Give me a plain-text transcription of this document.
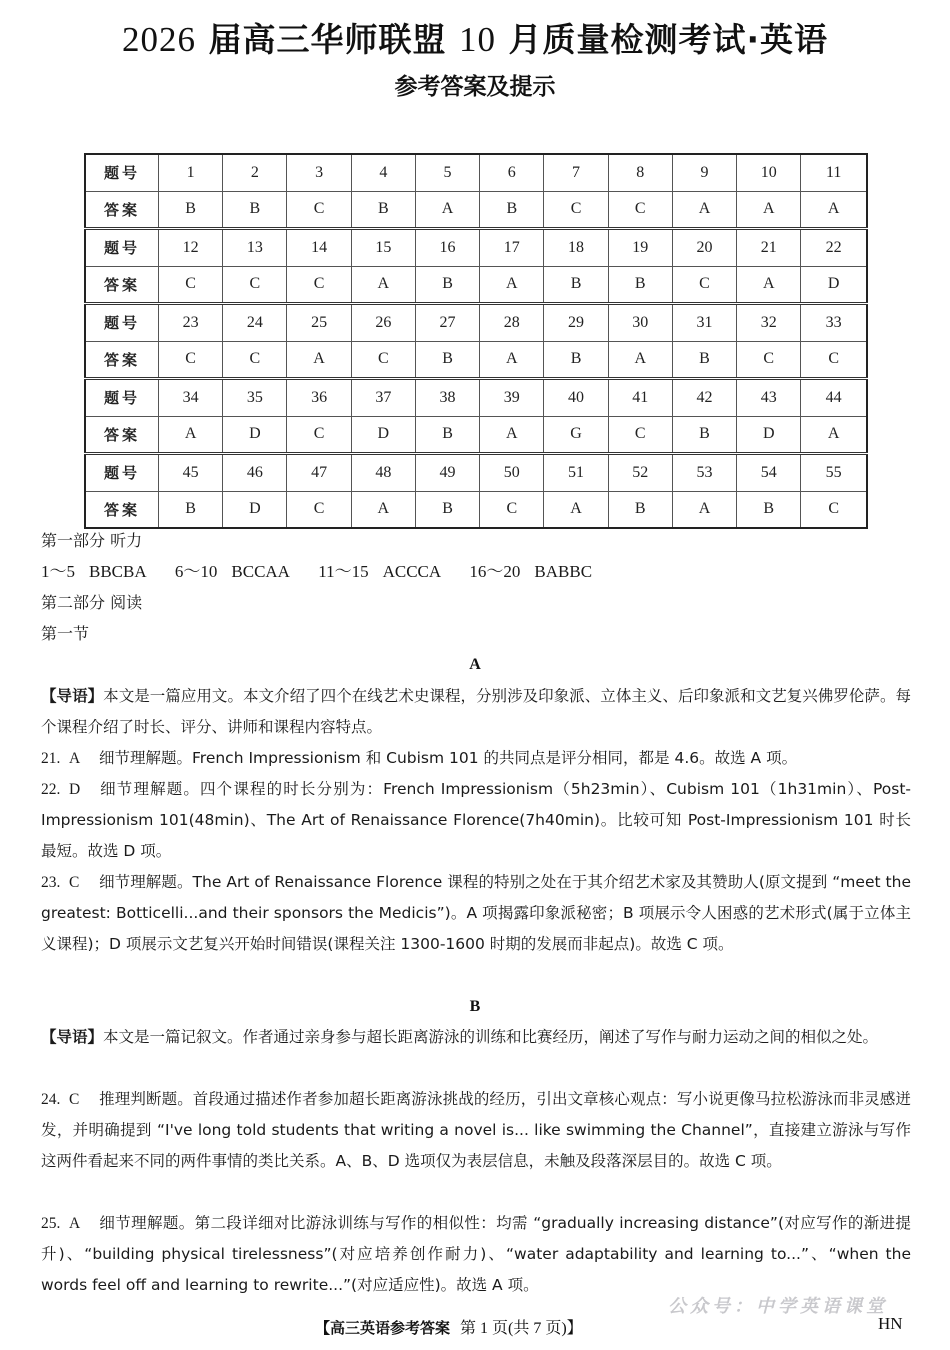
2026 届高三华师联盟 10 月质量检测考试·英语
参考答案及提示
题号	1	2	3	4	5	6	7	8	9	10	11
答案	B	B	C	B	A	B	C	C	A	A	A
题号	12	13	14	15	16	17	18	19	20	21	22
答案	C	C	C	A	B	A	B	B	C	A	D
题号	23	24	25	26	27	28	29	30	31	32	33
答案	C	C	A	C	B	A	B	A	B	C	C
题号	34	35	36	37	38	39	40	41	42	43	44
答案	A	D	C	D	B	A	G	C	B	D	A
题号	45	46	47	48	49	50	51	52	53	54	55
答案	B	D	C	A	B	C	A	B	A	B	C
第一部分 听力
1～5 BBCBA 6～10 BCCAA 11～15 ACCCA 16～20 BABBC
第二部分 阅读
第一节
A
【导语】本文是一篇应用文。本文介绍了四个在线艺术史课程，分别涉及印象派、立体主义、后印象派和文艺复兴佛罗伦萨。每个课程介绍了时长、评分、讲师和课程内容特点。
21. A 细节理解题。French Impressionism 和 Cubism 101 的共同点是评分相同，都是 4.6。故选 A 项。
22. D 细节理解题。四个课程的时长分别为：French Impressionism（5h23min）、Cubism 101（1h31min）、Post-Impressionism 101(48min)、The Art of Renaissance Florence(7h40min)。比较可知 Post-Impressionism 101 时长最短。故选 D 项。
23. C 细节理解题。The Art of Renaissance Florence 课程的特别之处在于其介绍艺术家及其赞助人(原文提到 “meet the greatest: Botticelli...and their sponsors the Medicis”)。A 项揭露印象派秘密；B 项展示令人困惑的艺术形式(属于立体主义课程)；D 项展示文艺复兴开始时间错误(课程关注 1300-1600 时期的发展而非起点)。故选 C 项。
B
【导语】本文是一篇记叙文。作者通过亲身参与超长距离游泳的训练和比赛经历，阐述了写作与耐力运动之间的相似之处。
24. C 推理判断题。首段通过描述作者参加超长距离游泳挑战的经历，引出文章核心观点：写小说更像马拉松游泳而非灵感迸发，并明确提到 “I've long told students that writing a novel is... like swimming the Channel”，直接建立游泳与写作这两件看起来不同的两件事情的类比关系。A、B、D 选项仅为表层信息，未触及段落深层目的。故选 C 项。
25. A 细节理解题。第二段详细对比游泳训练与写作的相似性：均需 “gradually increasing distance”(对应写作的渐进提升)、“building physical tirelessness”(对应培养创作耐力)、“water adaptability and learning to...”、“when the words feel off and learning to rewrite...”(对应适应性)。故选 A 项。
公众号：中学英语课堂
【高三英语参考答案 第 1 页(共 7 页)】	HN
